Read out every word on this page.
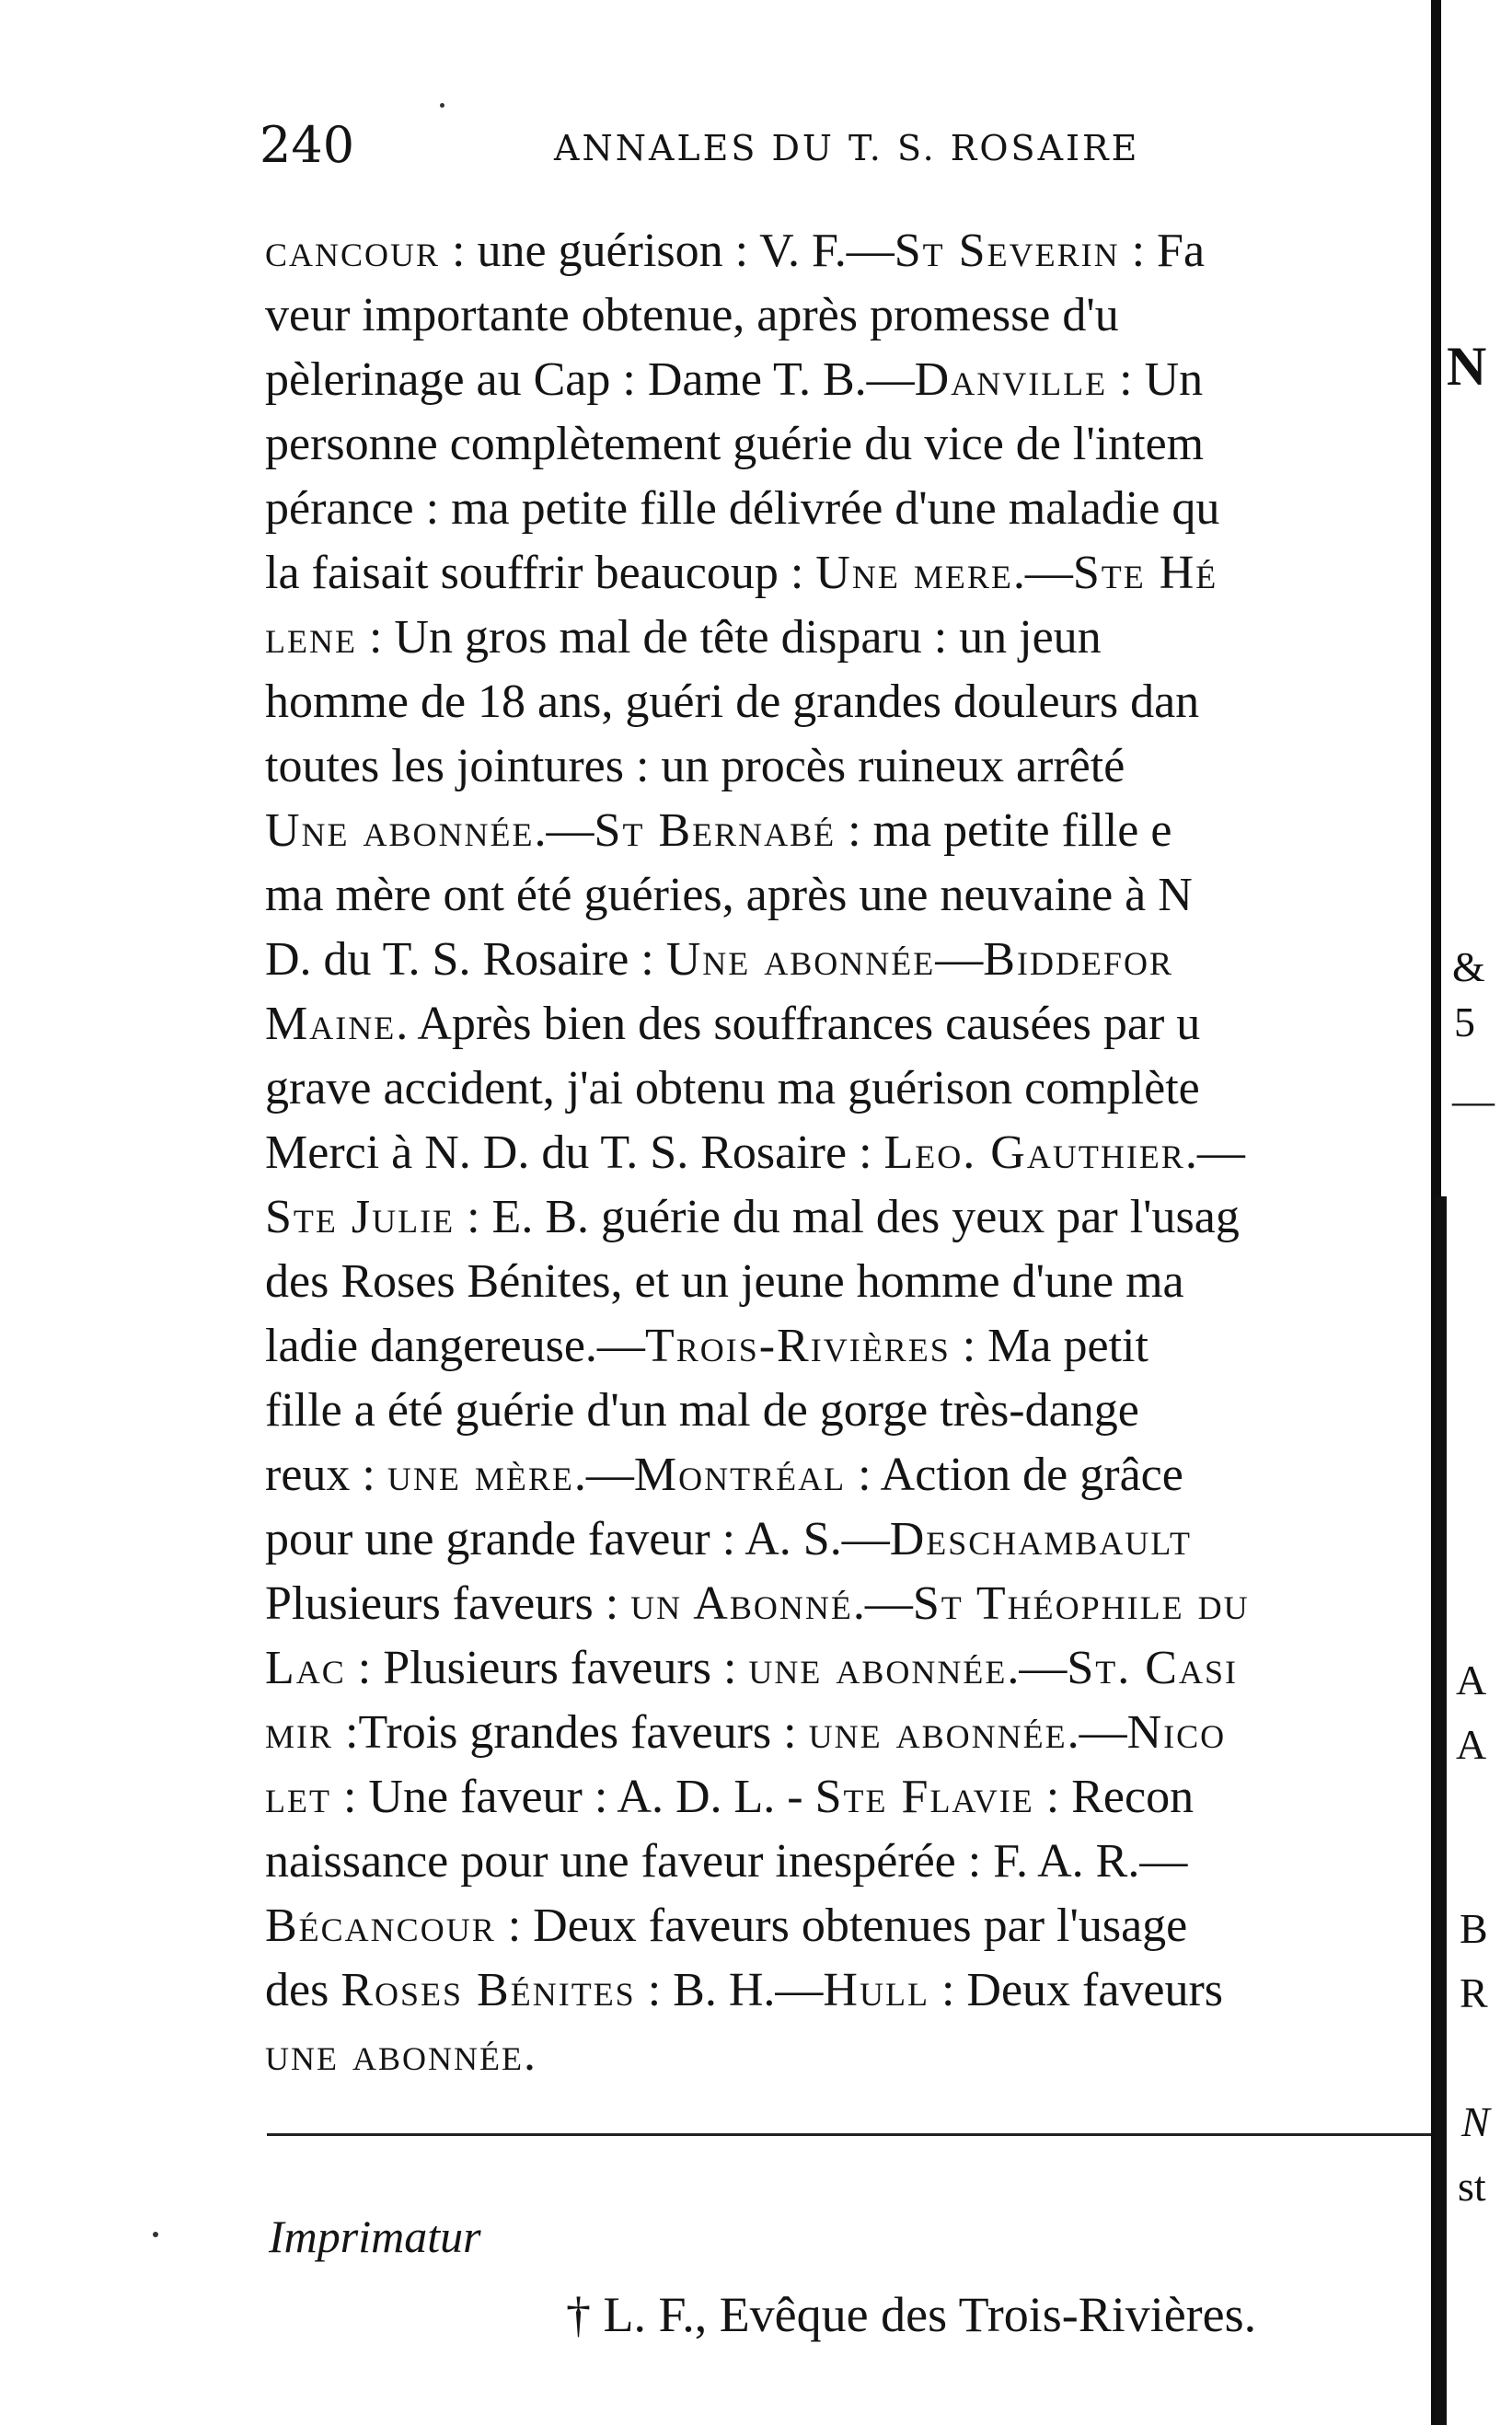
240	ANNALES DU T. S. ROSAIRE
cancour : une guérison : V. F.—St Severin : Fa
veur importante obtenue, après promesse d'u
pèlerinage au Cap : Dame T. B.—Danville : Un
personne complètement guérie du vice de l'intem
pérance : ma petite fille délivrée d'une maladie qu
la faisait souffrir beaucoup : Une mere.—Ste Hé
lene : Un gros mal de tête disparu : un jeun
homme de 18 ans, guéri de grandes douleurs dan
toutes les jointures : un procès ruineux arrêté
Une abonnée.—St Bernabé : ma petite fille e
ma mère ont été guéries, après une neuvaine à N
D. du T. S. Rosaire : Une abonnée—Biddefor
Maine. Après bien des souffrances causées par u
grave accident, j'ai obtenu ma guérison complète
Merci à N. D. du T. S. Rosaire : Leo. Gauthier.—
Ste Julie : E. B. guérie du mal des yeux par l'usag
des Roses Bénites, et un jeune homme d'une ma
ladie dangereuse.—Trois-Rivières : Ma petit
fille a été guérie d'un mal de gorge très-dange
reux : une mère.—Montréal : Action de grâce
pour une grande faveur : A. S.—Deschambault
Plusieurs faveurs : un Abonné.—St Théophile du
Lac : Plusieurs faveurs : une abonnée.—St. Casi
mir :Trois grandes faveurs : une abonnée.—Nico
let : Une faveur : A. D. L. - Ste Flavie : Recon
naissance pour une faveur inespérée : F. A. R.—
Bécancour : Deux faveurs obtenues par l'usage
des Roses Bénites : B. H.—Hull : Deux faveurs
une abonnée.
Imprimatur
† L. F., Evêque des Trois-Rivières.
N
&
5
—
A
A
B
R
N
st
